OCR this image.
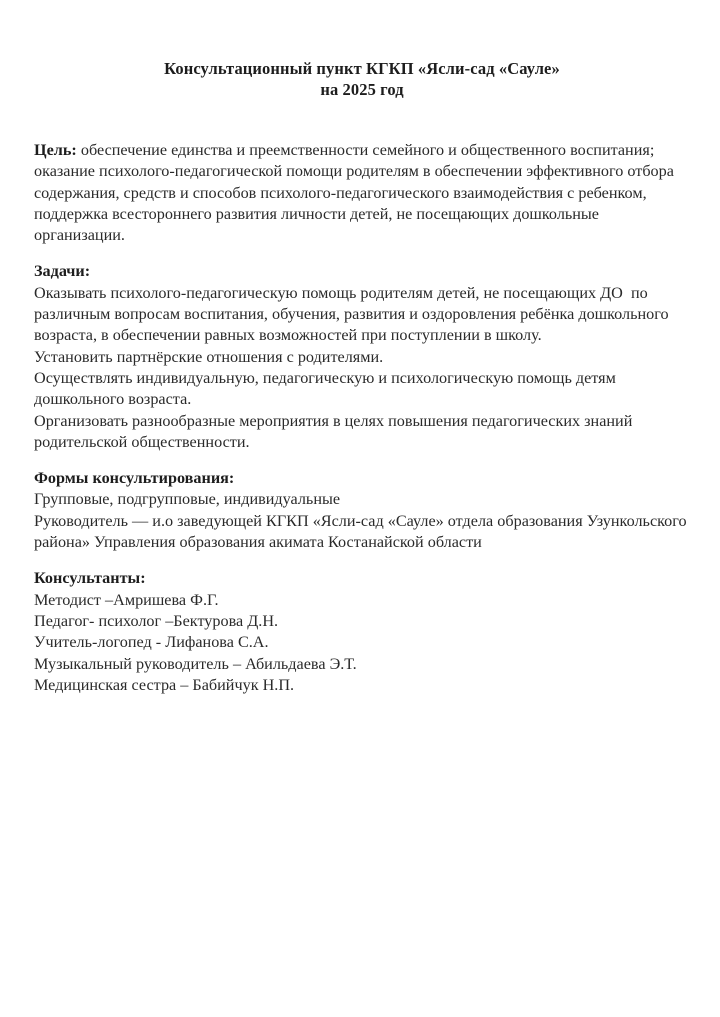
Консультационный пункт КГКП «Ясли-сад «Сауле»
на 2025 год

Цель: обеспечение единства и преемственности семейного и общественного воспитания; оказание психолого-педагогической помощи родителям в обеспечении эффективного отбора содержания, средств и способов психолого-педагогического взаимодействия с ребенком, поддержка всестороннего развития личности детей, не посещающих дошкольные организации.

Задачи:

Оказывать психолого-педагогическую помощь родителям детей, не посещающих ДО  по различным вопросам воспитания, обучения, развития и оздоровления ребёнка дошкольного возраста, в обеспечении равных возможностей при поступлении в школу.

Установить партнёрские отношения с родителями.

Осуществлять индивидуальную, педагогическую и психологическую помощь детям дошкольного возраста.

Организовать разнообразные мероприятия в целях повышения педагогических знаний родительской общественности.

Формы консультирования:

Групповые, подгрупповые, индивидуальные

Руководитель — и.о заведующей КГКП «Ясли-сад «Сауле» отдела образования Узункольского района» Управления образования акимата Костанайской области

Консультанты:
Методист –Амришева Ф.Г.
Педагог- психолог –Бектурова Д.Н.
Учитель-логопед - Лифанова С.А.
Музыкальный руководитель – Абильдаева Э.Т.
Медицинская сестра – Бабийчук Н.П.
